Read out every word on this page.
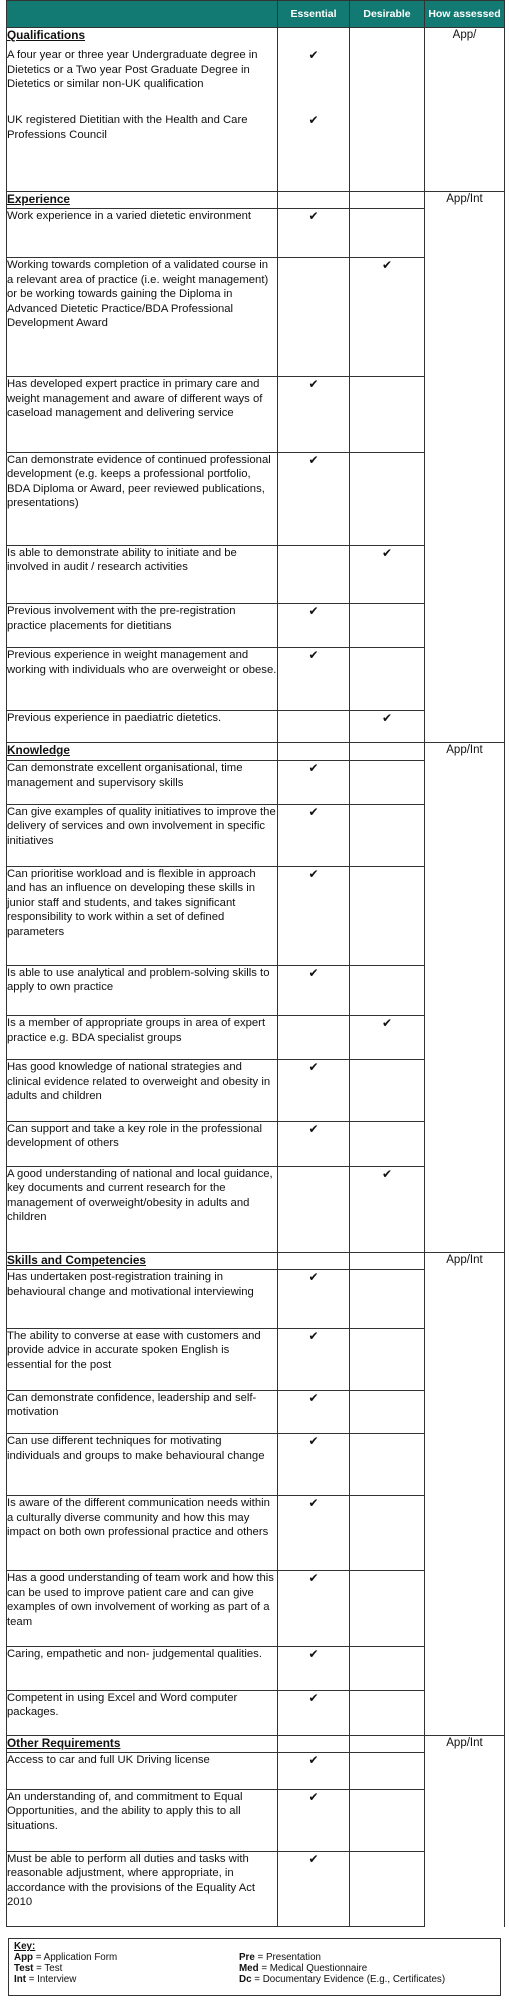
	Essential	Desirable	How assessed
Qualifications			App/
A four year or three year Undergraduate degree in Dietetics or a Two year Post Graduate Degree in Dietetics or similar non-UK qualification	✔		
UK registered Dietitian with the Health and Care Professions Council	✔		
Experience			App/Int
Work experience in a varied dietetic environment	✔		
Working towards completion of a validated course in a relevant area of practice (i.e. weight management) or be working towards gaining the Diploma in Advanced Dietetic Practice/BDA Professional Development Award		✔	
Has developed expert practice in primary care and weight management and aware of different ways of caseload management and delivering service	✔		
Can demonstrate evidence of continued professional development (e.g. keeps a professional portfolio, BDA Diploma or Award, peer reviewed publications, presentations)	✔		
Is able to demonstrate ability to initiate and be involved in audit / research activities		✔	
Previous involvement with the pre-registration practice placements for dietitians	✔		
Previous experience in weight management and working with individuals who are overweight or obese.	✔		
Previous experience in paediatric dietetics.		✔	
Knowledge			App/Int
Can demonstrate excellent organisational, time management and supervisory skills	✔		
Can give examples of quality initiatives to improve the delivery of services and own involvement in specific initiatives	✔		
Can prioritise workload and is flexible in approach and has an influence on developing these skills in junior staff and students, and takes significant responsibility to work within a set of defined parameters	✔		
Is able to use analytical and problem-solving skills to apply to own practice	✔		
Is a member of appropriate groups in area of expert practice e.g. BDA specialist groups		✔	
Has good knowledge of national strategies and clinical evidence related to overweight and obesity in adults and children	✔		
Can support and take a key role in the professional development of others	✔		
A good understanding of national and local guidance, key documents and current research for the management of overweight/obesity in adults and children		✔	
Skills and Competencies			App/Int
Has undertaken post-registration training in behavioural change and motivational interviewing	✔		
The ability to converse at ease with customers and provide advice in accurate spoken English is essential for the post	✔		
Can demonstrate confidence, leadership and self-motivation	✔		
Can use different techniques for motivating individuals and groups to make behavioural change	✔		
Is aware of the different communication needs within a culturally diverse community and how this may impact on both own professional practice and others	✔		
Has a good understanding of team work and how this can be used to improve patient care and can give examples of own involvement of working as part of a team	✔		
Caring, empathetic and non- judgemental qualities.	✔		
Competent in using Excel and Word computer packages.	✔		
Other Requirements			App/Int
Access to car and full UK Driving license	✔		
An understanding of, and commitment to Equal Opportunities, and the ability to apply this to all situations.	✔		
Must be able to perform all duties and tasks with reasonable adjustment, where appropriate, in accordance with the provisions of the Equality Act 2010	✔		
Key:
App = Application Form	Pre = Presentation
Test = Test	Med = Medical Questionnaire
Int = Interview	Dc = Documentary Evidence (E.g., Certificates)
